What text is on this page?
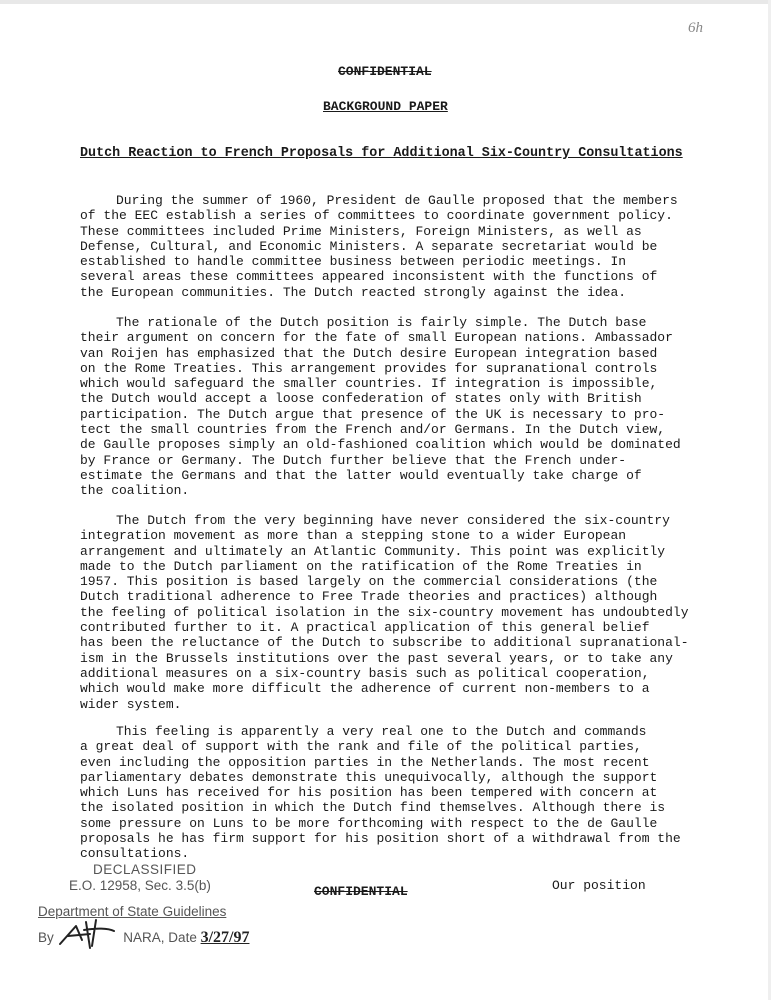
6h
CONFIDENTIAL
BACKGROUND PAPER
Dutch Reaction to French Proposals for Additional Six-Country Consultations
During the summer of 1960, President de Gaulle proposed that the members
of the EEC establish a series of committees to coordinate government policy.
These committees included Prime Ministers, Foreign Ministers, as well as
Defense, Cultural, and Economic Ministers. A separate secretariat would be
established to handle committee business between periodic meetings. In
several areas these committees appeared inconsistent with the functions of
the European communities. The Dutch reacted strongly against the idea.
The rationale of the Dutch position is fairly simple. The Dutch base
their argument on concern for the fate of small European nations. Ambassador
van Roijen has emphasized that the Dutch desire European integration based
on the Rome Treaties. This arrangement provides for supranational controls
which would safeguard the smaller countries. If integration is impossible,
the Dutch would accept a loose confederation of states only with British
participation. The Dutch argue that presence of the UK is necessary to pro-
tect the small countries from the French and/or Germans. In the Dutch view,
de Gaulle proposes simply an old-fashioned coalition which would be dominated
by France or Germany. The Dutch further believe that the French under-
estimate the Germans and that the latter would eventually take charge of
the coalition.
The Dutch from the very beginning have never considered the six-country
integration movement as more than a stepping stone to a wider European
arrangement and ultimately an Atlantic Community. This point was explicitly
made to the Dutch parliament on the ratification of the Rome Treaties in
1957. This position is based largely on the commercial considerations (the
Dutch traditional adherence to Free Trade theories and practices) although
the feeling of political isolation in the six-country movement has undoubtedly
contributed further to it. A practical application of this general belief
has been the reluctance of the Dutch to subscribe to additional supranational-
ism in the Brussels institutions over the past several years, or to take any
additional measures on a six-country basis such as political cooperation,
which would make more difficult the adherence of current non-members to a
wider system.
This feeling is apparently a very real one to the Dutch and commands
a great deal of support with the rank and file of the political parties,
even including the opposition parties in the Netherlands. The most recent
parliamentary debates demonstrate this unequivocally, although the support
which Luns has received for his position has been tempered with concern at
the isolated position in which the Dutch find themselves. Although there is
some pressure on Luns to be more forthcoming with respect to the de Gaulle
proposals he has firm support for his position short of a withdrawal from the
consultations.
DECLASSIFIED
E.O. 12958, Sec. 3.5(b)
Department of State Guidelines
By	NARA, Date 3/27/97
CONFIDENTIAL	Our position
